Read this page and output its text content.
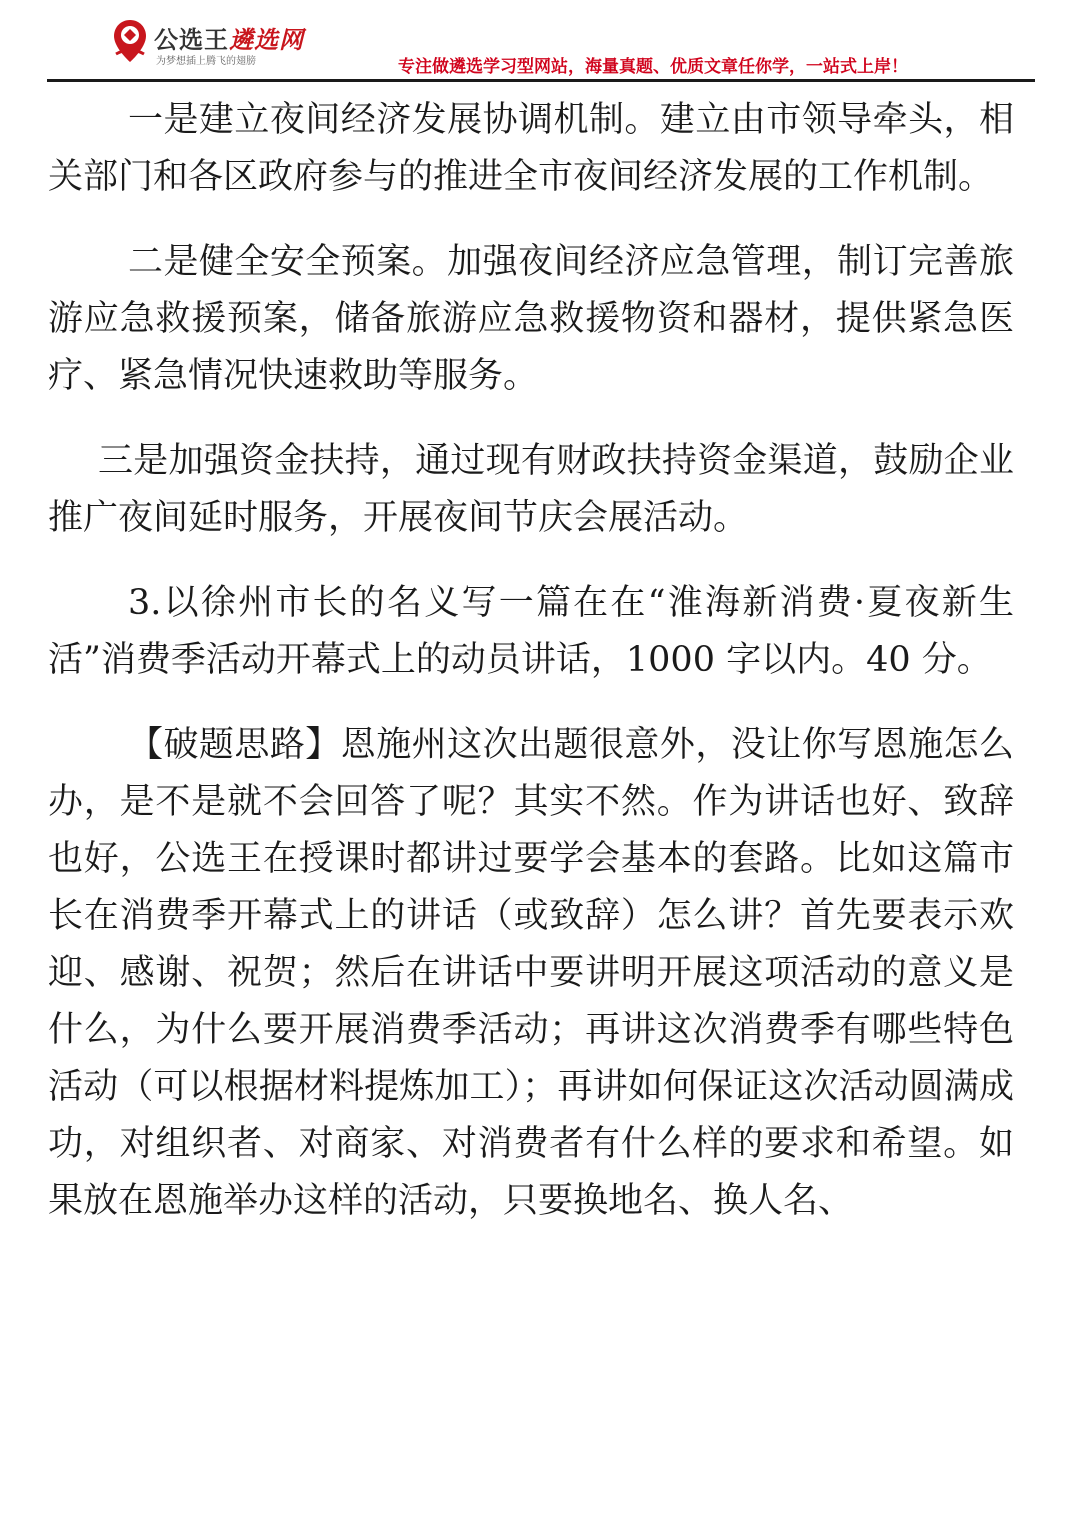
公选王遴选网
为梦想插上腾飞的翅膀	专注做遴选学习型网站，海量真题、优质文章任你学，一站式上岸！

一是建立夜间经济发展协调机制。建立由市领导牵头，相关部门和各区政府参与的推进全市夜间经济发展的工作机制。

二是健全安全预案。加强夜间经济应急管理，制订完善旅游应急救援预案，储备旅游应急救援物资和器材，提供紧急医疗、紧急情况快速救助等服务。

三是加强资金扶持，通过现有财政扶持资金渠道，鼓励企业推广夜间延时服务，开展夜间节庆会展活动。

3.以徐州市长的名义写一篇在在“淮海新消费·夏夜新生活”消费季活动开幕式上的动员讲话，1000 字以内。40 分。

【破题思路】恩施州这次出题很意外，没让你写恩施怎么办，是不是就不会回答了呢？其实不然。作为讲话也好、致辞也好，公选王在授课时都讲过要学会基本的套路。比如这篇市长在消费季开幕式上的讲话（或致辞）怎么讲？首先要表示欢迎、感谢、祝贺；然后在讲话中要讲明开展这项活动的意义是什么，为什么要开展消费季活动；再讲这次消费季有哪些特色活动（可以根据材料提炼加工）；再讲如何保证这次活动圆满成功，对组织者、对商家、对消费者有什么样的要求和希望。如果放在恩施举办这样的活动，只要换地名、换人名、
